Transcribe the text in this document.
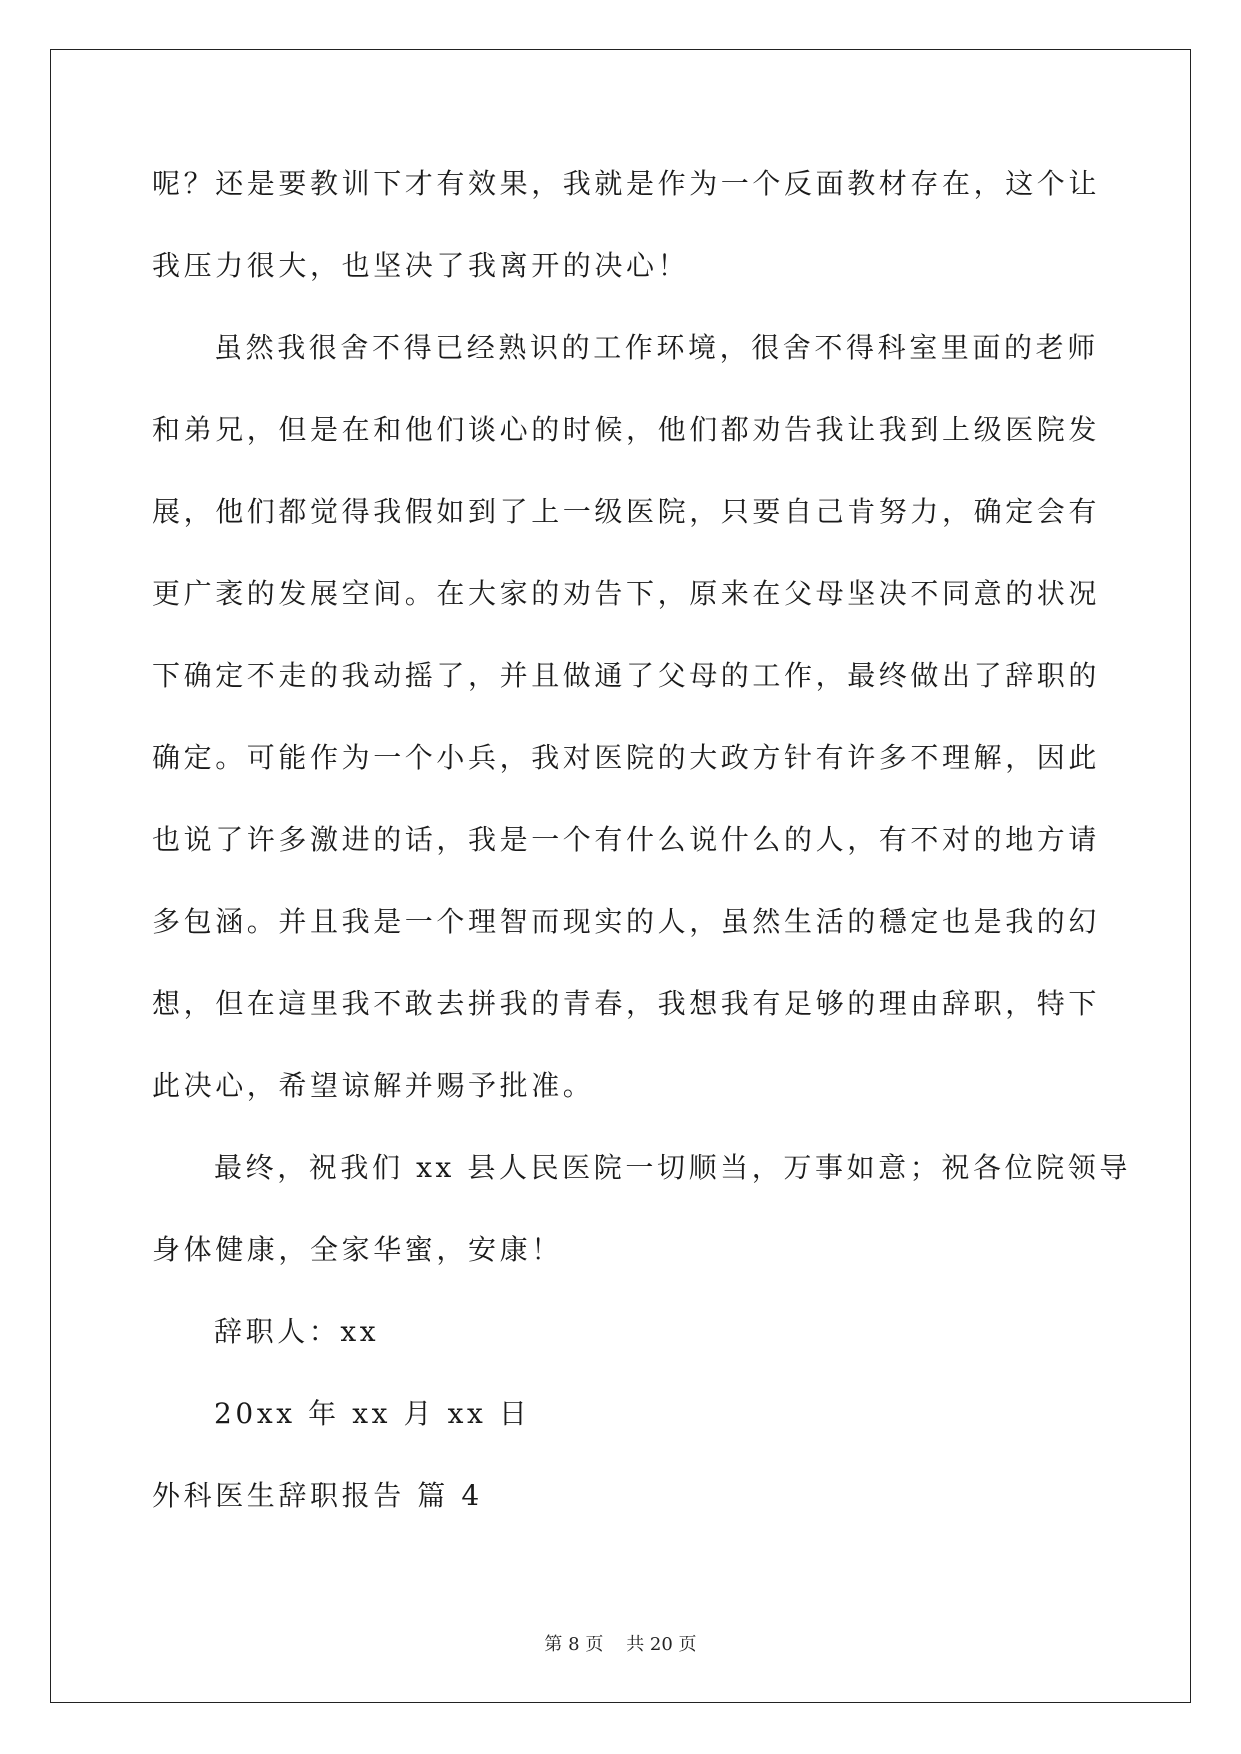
呢？还是要教训下才有效果，我就是作为一个反面教材存在，这个让
我压力很大，也坚决了我离开的决心！
虽然我很舍不得已经熟识的工作环境，很舍不得科室里面的老师
和弟兄，但是在和他们谈心的时候，他们都劝告我让我到上级医院发
展，他们都觉得我假如到了上一级医院，只要自己肯努力，确定会有
更广袤的发展空间。在大家的劝告下，原来在父母坚决不同意的状况
下确定不走的我动摇了，并且做通了父母的工作，最终做出了辞职的
确定。可能作为一个小兵，我对医院的大政方针有许多不理解，因此
也说了许多激进的话，我是一个有什么说什么的人，有不对的地方请
多包涵。并且我是一个理智而现实的人，虽然生活的穩定也是我的幻
想，但在這里我不敢去拼我的青春，我想我有足够的理由辞职，特下
此决心，希望谅解并赐予批准。
最终，祝我们 xx 县人民医院一切顺当，万事如意；祝各位院领导
身体健康，全家华蜜，安康！
辞职人：xx
20xx 年 xx 月 xx 日
外科医生辞职报告 篇 4
第 8 页    共 20 页
